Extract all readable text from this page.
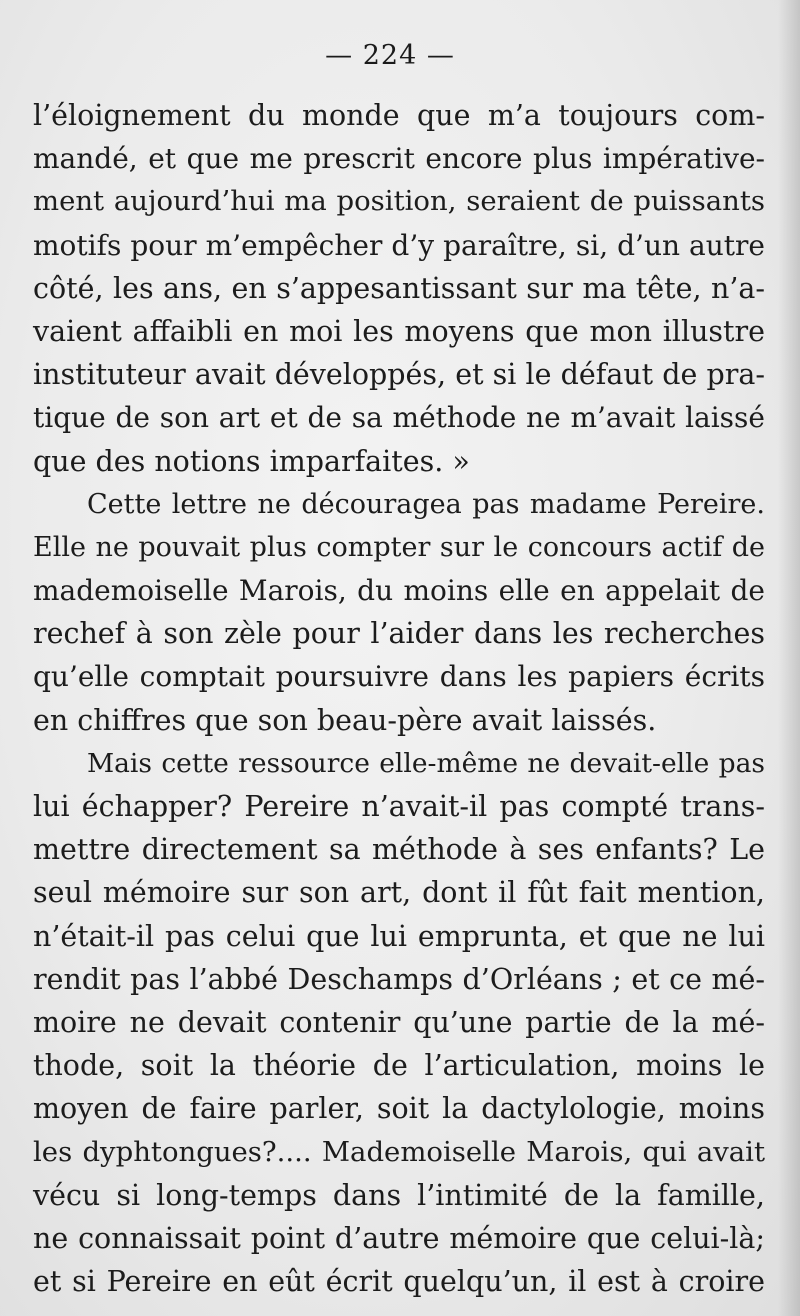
— 224 —
l’éloignement du monde que m’a toujours com-
mandé, et que me prescrit encore plus impérative-
ment aujourd’hui ma position, seraient de puissants
motifs pour m’empêcher d’y paraître, si, d’un autre
côté, les ans, en s’appesantissant sur ma tête, n’a-
vaient affaibli en moi les moyens que mon illustre
instituteur avait développés, et si le défaut de pra-
tique de son art et de sa méthode ne m’avait laissé
que des notions imparfaites. »
Cette lettre ne découragea pas madame Pereire.
Elle ne pouvait plus compter sur le concours actif de
mademoiselle Marois, du moins elle en appelait de
rechef à son zèle pour l’aider dans les recherches
qu’elle comptait poursuivre dans les papiers écrits
en chiffres que son beau-père avait laissés.
Mais cette ressource elle-même ne devait-elle pas
lui échapper? Pereire n’avait-il pas compté trans-
mettre directement sa méthode à ses enfants? Le
seul mémoire sur son art, dont il fût fait mention,
n’était-il pas celui que lui emprunta, et que ne lui
rendit pas l’abbé Deschamps d’Orléans ; et ce mé-
moire ne devait contenir qu’une partie de la mé-
thode, soit la théorie de l’articulation, moins le
moyen de faire parler, soit la dactylologie, moins
les dyphtongues?.... Mademoiselle Marois, qui avait
vécu si long-temps dans l’intimité de la famille,
ne connaissait point d’autre mémoire que celui-là;
et si Pereire en eût écrit quelqu’un, il est à croire
